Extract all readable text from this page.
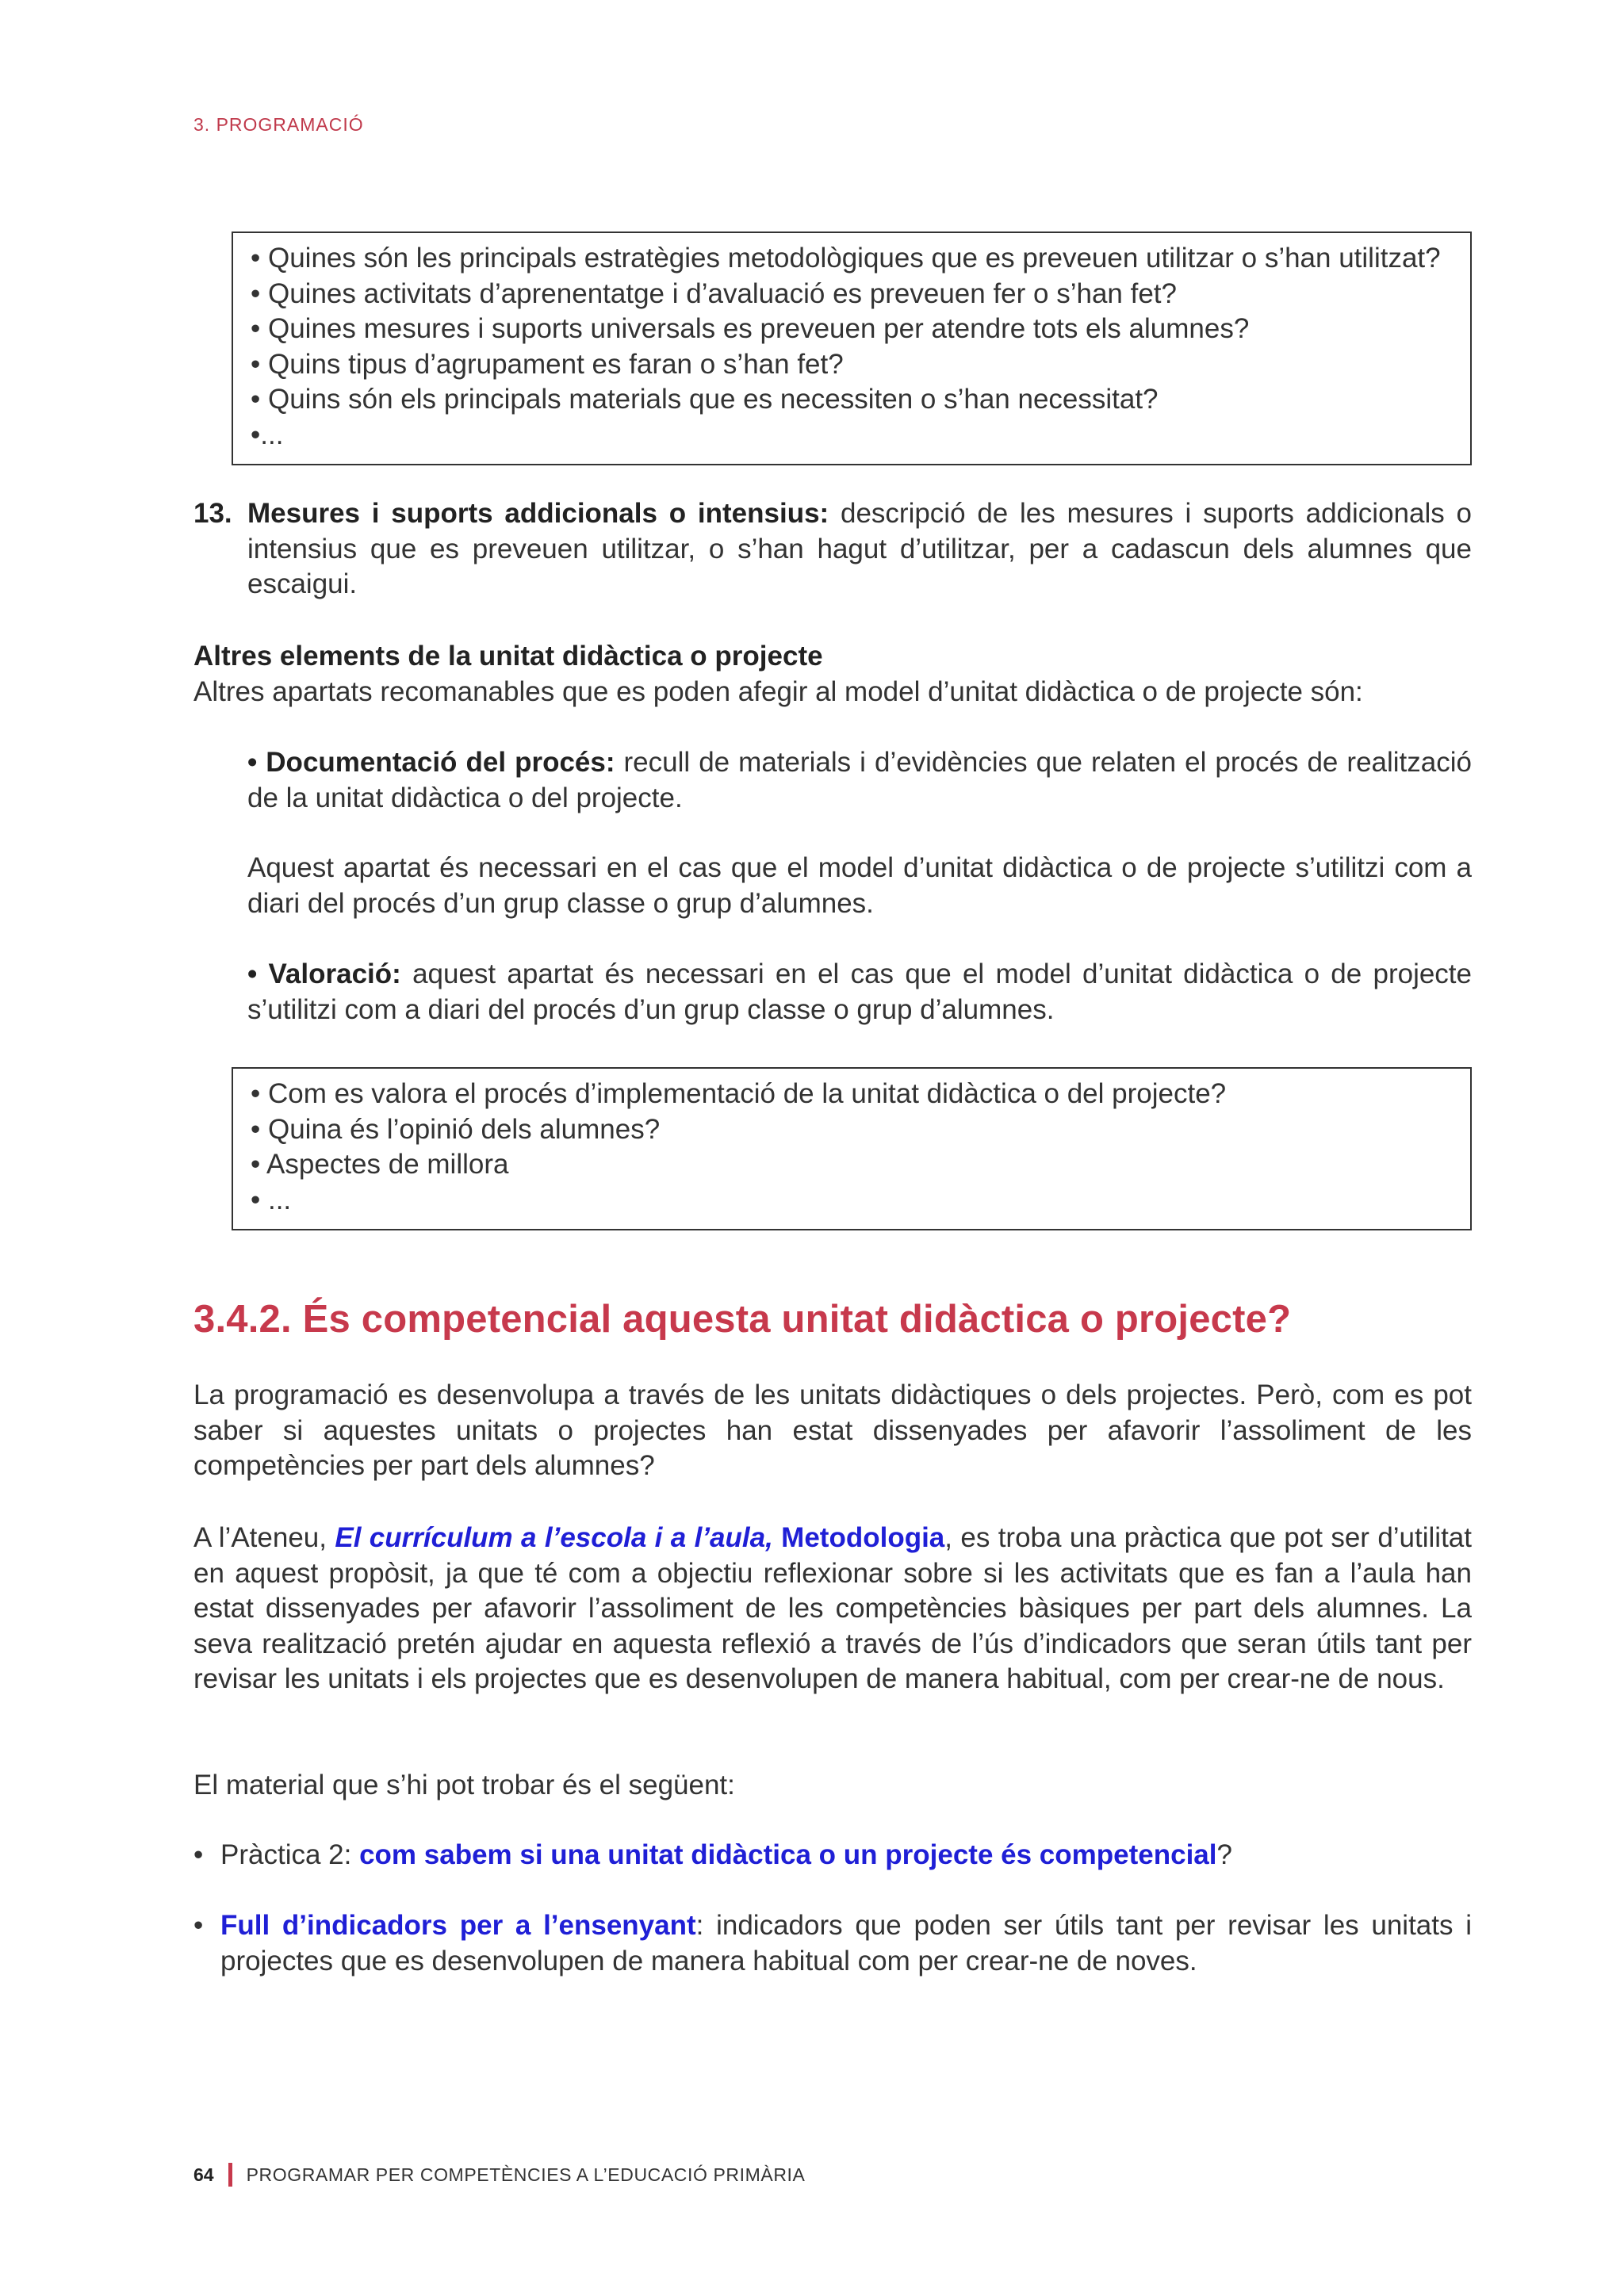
3. PROGRAMACIÓ
• Quines són les principals estratègies metodològiques que es preveuen utilitzar o s’han utilitzat?
• Quines activitats d’aprenentatge i d’avaluació es preveuen fer o s’han fet?
• Quines mesures i suports universals es preveuen per atendre tots els alumnes?
• Quins tipus d’agrupament es faran o s’han fet?
• Quins són els principals materials que es necessiten o s’han necessitat?
•...
13. Mesures i suports addicionals o intensius: descripció de les mesures i suports addicionals o intensius que es preveuen utilitzar, o s’han hagut d’utilitzar, per a cadascun dels alumnes que escaigui.
Altres elements de la unitat didàctica o projecte
Altres apartats recomanables que es poden afegir al model d’unitat didàctica o de projecte són:
• Documentació del procés: recull de materials i d’evidències que relaten el procés de realització de la unitat didàctica o del projecte.
Aquest apartat és necessari en el cas que el model d’unitat didàctica o de projecte s’utilitzi com a diari del procés d’un grup classe o grup d’alumnes.
• Valoració: aquest apartat és necessari en el cas que el model d’unitat didàctica o de projecte s’utilitzi com a diari del procés d’un grup classe o grup d’alumnes.
• Com es valora el procés d’implementació de la unitat didàctica o del projecte?
• Quina és l’opinió dels alumnes?
• Aspectes de millora
• ...
3.4.2. És competencial aquesta unitat didàctica o projecte?
La programació es desenvolupa a través de les unitats didàctiques o dels projectes. Però, com es pot saber si aquestes unitats o projectes han estat dissenyades per afavorir l’assoliment de les competències per part dels alumnes?
A l’Ateneu, El currículum a l’escola i a l’aula, Metodologia, es troba una pràctica que pot ser d’utilitat en aquest propòsit, ja que té com a objectiu reflexionar sobre si les activitats que es fan a l’aula han estat dissenyades per afavorir l’assoliment de les competències bàsiques per part dels alumnes. La seva realització pretén ajudar en aquesta reflexió a través de l’ús d’indicadors que seran útils tant per revisar les unitats i els projectes que es desenvolupen de manera habitual, com per crear-ne de nous.
El material que s’hi pot trobar és el següent:
• Pràctica 2: com sabem si una unitat didàctica o un projecte és competencial?
• Full d’indicadors per a l’ensenyant: indicadors que poden ser útils tant per revisar les unitats i projectes que es desenvolupen de manera habitual com per crear-ne de noves.
64 PROGRAMAR PER COMPETÈNCIES A L’EDUCACIÓ PRIMÀRIA
